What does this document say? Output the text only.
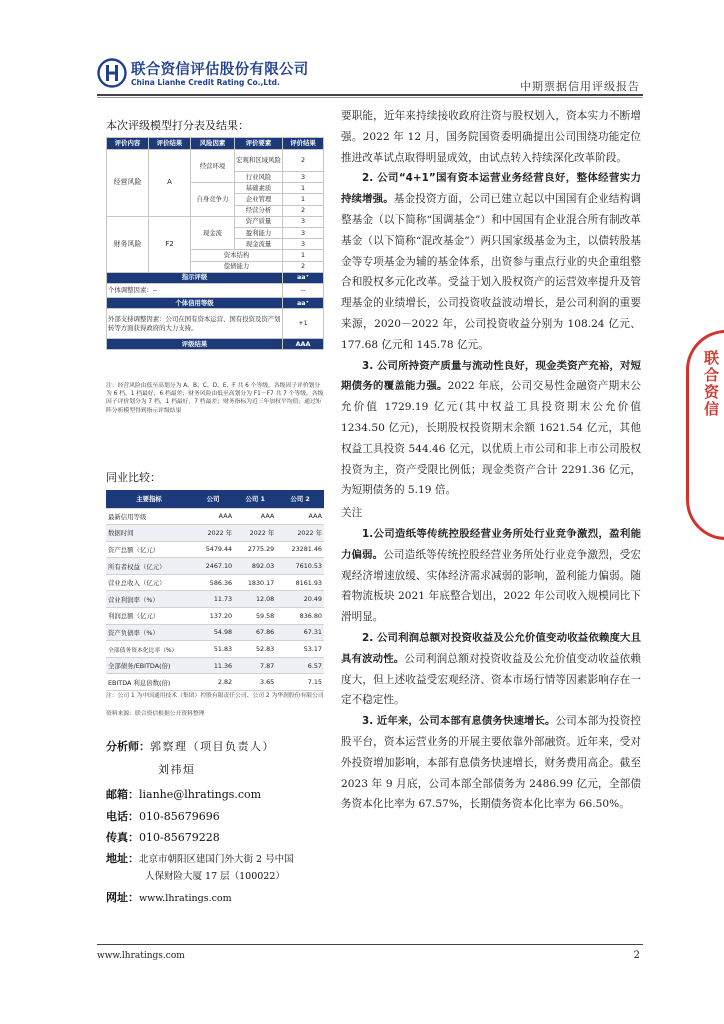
联合资信评估股份有限公司
China Lianhe Credit Rating Co.,Ltd.	中期票据信用评级报告
本次评级模型打分表及结果：
评价内容	评价结果	风险因素	评价要素	评价结果
经营风险	A	经营环境	宏观和区域风险	2
			行业风险	3
		自身竞争力	基础素质	1
			企业管理	1
			经营分析	2
财务风险	F2	现金流	资产质量	3
			盈利能力	3
			现金流量	3
		资本结构		1
		偿债能力		2
指示评级				aa⁺
个体调整因素：--				--
个体信用等级				aa⁺
外部支持调整因素：公司在国有资本运营、国有投资及资产划转等方面获得政府的大力支持。				+1
评级结果				AAA
注：经营风险由低至高划分为 A、B、C、D、E、F 共 6 个等级，各级因子评价划分为 6 档，1 档最好，6 档最差；财务风险由低至高划分为 F1－F7 共 7 个等级，各级因子评价划分为 7 档，1 档最好，7 档最差；财务指标为近三年加权平均值；通过矩阵分析模型得到指示评级结果
同业比较：
主要指标	公司	公司 1	公司 2
最新信用等级	AAA	AAA	AAA
数据时间	2022 年	2022 年	2022 年
资产总额（亿元）	5479.44	2775.29	23281.46
所有者权益（亿元）	2467.10	892.03	7610.53
营业总收入（亿元）	586.36	1830.17	8161.93
营业利润率（%）	11.73	12.08	20.49
利润总额（亿元）	137.20	59.58	836.80
资产负债率（%）	54.98	67.86	67.31
全部债务资本化比率（%）	51.83	52.83	53.17
全部债务/EBITDA(倍)	11.36	7.87	6.57
EBITDA 利息倍数(倍)	2.82	3.65	7.15
注：公司 1 为中国通用技术（集团）控股有限责任公司、公司 2 为华润股份有限公司
资料来源：联合资信根据公开资料整理
分析师：郭察理（项目负责人）
刘祎烜
邮箱：lianhe@lhratings.com
电话：010-85679696
传真：010-85679228
地址：北京市朝阳区建国门外大街 2 号中国
人保财险大厦 17 层（100022）
网址：www.lhratings.com

要职能，近年来持续接收政府注资与股权划入，资本实力不断增强。2022 年 12 月，国务院国资委明确提出公司围绕功能定位推进改革试点取得明显成效，由试点转入持续深化改革阶段。

2. 公司“4+1”国有资本运营业务经营良好，整体经营实力持续增强。基金投资方面，公司已建立起以中国国有企业结构调整基金（以下简称“国调基金”）和中国国有企业混合所有制改革基金（以下简称“混改基金”）两只国家级基金为主，以债转股基金等专项基金为辅的基金体系，出资参与重点行业的央企重组整合和股权多元化改革。受益于划入股权资产的运营效率提升及管理基金的业绩增长，公司投资收益波动增长，是公司利润的重要来源，2020－2022 年，公司投资收益分别为 108.24 亿元、177.68 亿元和 145.78 亿元。

3. 公司所持资产质量与流动性良好，现金类资产充裕，对短期债务的覆盖能力强。2022 年底，公司交易性金融资产期末公允价值 1729.19 亿元(其中权益工具投资期末公允价值 1234.50 亿元)，长期股权投资期末余额 1621.54 亿元，其他权益工具投资 544.46 亿元，以优质上市公司和非上市公司股权投资为主，资产受限比例低；现金类资产合计 2291.36 亿元，为短期债务的 5.19 倍。

关注

1.公司造纸等传统控股经营业务所处行业竞争激烈，盈利能力偏弱。公司造纸等传统控股经营业务所处行业竞争激烈，受宏观经济增速放缓、实体经济需求减弱的影响，盈利能力偏弱。随着物流板块 2021 年底整合划出，2022 年公司收入规模同比下滑明显。

2. 公司利润总额对投资收益及公允价值变动收益依赖度大且具有波动性。公司利润总额对投资收益及公允价值变动收益依赖度大，但上述收益受宏观经济、资本市场行情等因素影响存在一定不稳定性。

3. 近年来，公司本部有息债务快速增长。公司本部为投资控股平台，资本运营业务的开展主要依靠外部融资。近年来，受对外投资增加影响，本部有息债务快速增长，财务费用高企。截至 2023 年 9 月底，公司本部全部债务为 2486.99 亿元，全部债务资本化比率为 67.57%，长期债务资本化比率为 66.50%。

联合资信
www.lhratings.com	2
